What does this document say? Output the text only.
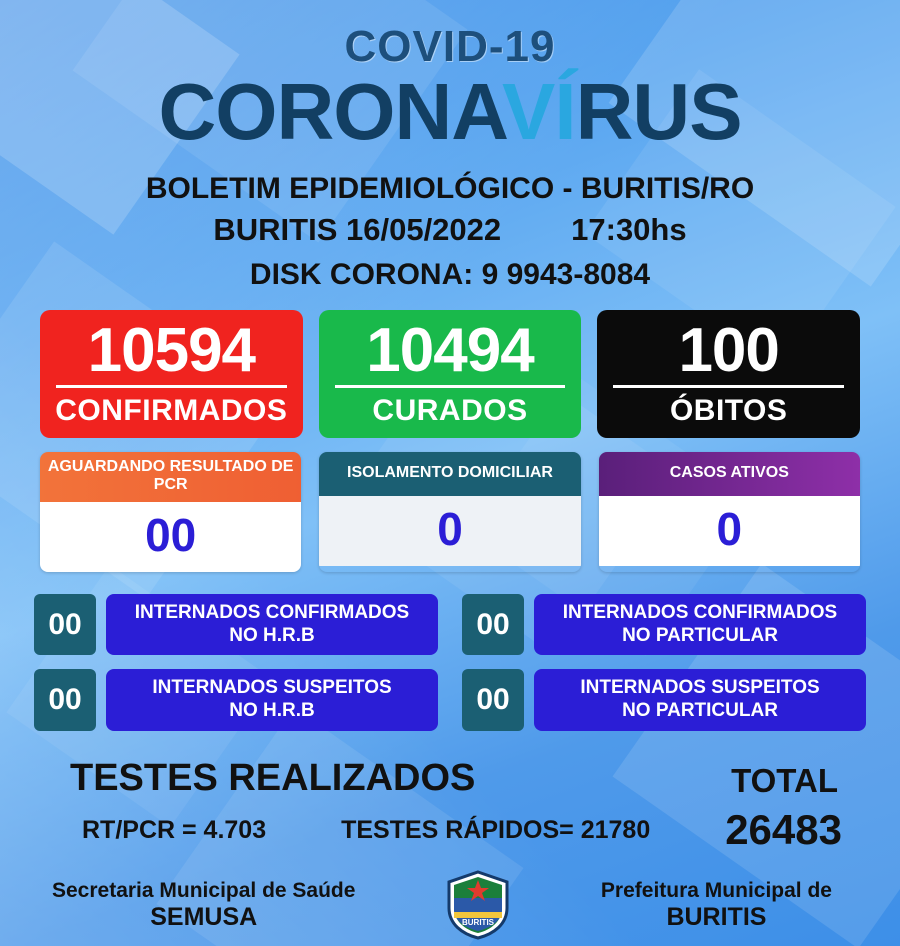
COVID-19
CORONAVÍRUS
BOLETIM EPIDEMIOLÓGICO - BURITIS/RO
BURITIS 16/05/2022 17:30hs
DISK CORONA: 9 9943-8084
10594
CONFIRMADOS
10494
CURADOS
100
ÓBITOS
AGUARDANDO RESULTADO DE PCR
00
ISOLAMENTO DOMICILIAR
0
CASOS ATIVOS
0
00	INTERNADOS CONFIRMADOS
NO H.R.B	00	INTERNADOS CONFIRMADOS
NO PARTICULAR
00	INTERNADOS SUSPEITOS
NO H.R.B	00	INTERNADOS SUSPEITOS
NO PARTICULAR
TESTES REALIZADOS	TOTAL
RT/PCR = 4.703	TESTES RÁPIDOS= 21780 26483
Secretaria Municipal de Saúde
SEMUSA	BURITIS
Prefeitura Municipal de
BURITIS
